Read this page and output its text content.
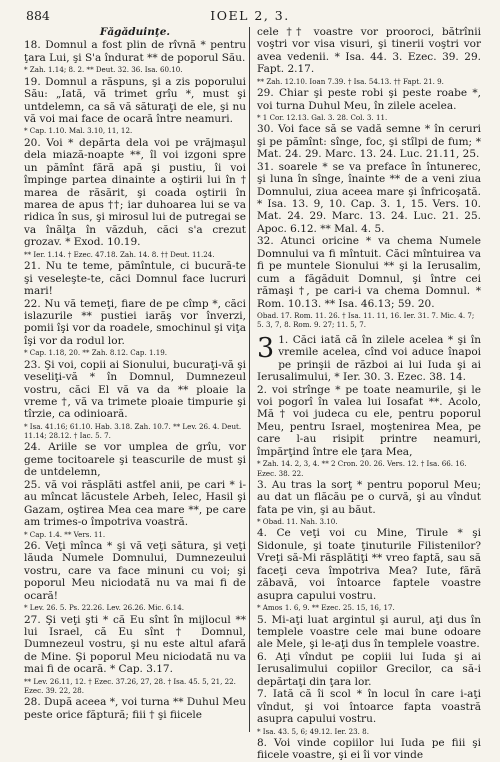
884	IOEL 2, 3.

Făgăduinţe.

18. Domnul a fost plin de rîvnă * pentru ţara Lui, şi S'a îndurat ** de poporul Său.

* Zah. 1.14; 8. 2. ** Deut. 32. 36. Isa. 60.10.

19. Domnul a răspuns, şi a zis poporului Său: „Iată, vă trimet grîu *, must şi untdelemn, ca să vă săturaţi de ele, şi nu vă voi mai face de ocară între neamuri.

* Cap. 1.10. Mal. 3.10, 11, 12.

20. Voi * depărta dela voi pe vrăjmaşul dela miază-noapte **, îl voi izgoni spre un pămînt fără apă şi pustiu, îi voi împinge partea dinainte a oştirii lui în † marea de răsărit, şi coada oştirii în marea de apus ††; iar duhoarea lui se va ridica în sus, şi mirosul lui de putregai se va înălţa în văzduh, căci s'a crezut grozav. * Exod. 10.19.

** Ier. 1.14. † Ezec. 47.18. Zah. 14. 8. †† Deut. 11.24.

21. Nu te teme, pămîntule, ci bucură-te şi veseleşte-te, căci Domnul face lucruri mari!

22. Nu vă temeţi, fiare de pe cîmp *, căci islazurile ** pustiei iarăş vor înverzi, pomii îşi vor da roadele, smochinul şi viţa îşi vor da rodul lor.

* Cap. 1.18, 20. ** Zah. 8.12. Cap. 1.19.

23. Şi voi, copii ai Sionului, bucuraţi-vă şi veseliţi-vă * în Domnul, Dumnezeul vostru, căci El vă va da ** ploaie la vreme †, vă va trimete ploaie timpurie şi tîrzie, ca odinioară.

* Isa. 41.16; 61.10. Hab. 3.18. Zah. 10.7. ** Lev. 26. 4. Deut. 11.14; 28.12. † Iac. 5. 7.

24. Ariile se vor umplea de grîu, vor geme tocitoarele şi teascurile de must şi de untdelemn,

25. vă voi răsplăti astfel anii, pe cari * i-au mîncat lăcustele Arbeh, Ielec, Hasil şi Gazam, oştirea Mea cea mare **, pe care am trimes-o împotriva voastră.

* Cap. 1.4. ** Vers. 11.

26. Veţi mînca * şi vă veţi sătura, şi veţi lăuda Numele Domnului, Dumnezeului vostru, care va face minuni cu voi; şi poporul Meu niciodată nu va mai fi de ocară!

* Lev. 26. 5. Ps. 22.26. Lev. 26.26. Mic. 6.14.

27. Şi veţi şti * că Eu sînt în mijlocul ** lui Israel, că Eu sînt † Domnul, Dumnezeul vostru, şi nu este altul afară de Mine. Şi poporul Meu niciodată nu va mai fi de ocară. * Cap. 3.17.

** Lev. 26.11, 12. † Ezec. 37.26, 27, 28. † Isa. 45. 5, 21, 22. Ezec. 39. 22, 28.

28. După aceea *, voi turna ** Duhul Meu peste orice făptură; fiii † şi fiicele

cele †† voastre vor prooroci, bătrînii voştri vor visa visuri, şi tinerii voştri vor avea vedenii. * Isa. 44. 3. Ezec. 39. 29. Fapt. 2.17.

** Zah. 12.10. Ioan 7.39. † Isa. 54.13. †† Fapt. 21. 9.

29. Chiar şi peste robi şi peste roabe *, voi turna Duhul Meu, în zilele acelea.

* 1 Cor. 12.13. Gal. 3. 28. Col. 3. 11.

30. Voi face să se vadă semne * în ceruri şi pe pămînt: sînge, foc, şi stîlpi de fum; * Mat. 24. 29. Marc. 13. 24. Luc. 21.11, 25.

31. soarele * se va preface în întunerec, şi luna în sînge, înainte ** de a veni ziua Domnului, ziua aceea mare şi înfricoşată. * Isa. 13. 9, 10. Cap. 3. 1, 15. Vers. 10. Mat. 24. 29. Marc. 13. 24. Luc. 21. 25. Apoc. 6.12. ** Mal. 4. 5.

32. Atunci oricine * va chema Numele Domnului va fi mîntuit. Căci mîntuirea va fi pe muntele Sionului ** şi la Ierusalim, cum a făgăduit Domnul, şi între cei rămaşi †, pe cari-i va chema Domnul. * Rom. 10.13. ** Isa. 46.13; 59. 20.

Obad. 17. Rom. 11. 26. † Isa. 11. 11, 16. Ier. 31. 7. Mic. 4. 7; 5. 3, 7, 8. Rom. 9. 27; 11. 5, 7.

3 1. Căci iată că în zilele acelea * şi în vremile acelea, cînd voi aduce înapoi pe prinşii de război ai lui Iuda şi ai Ierusalimului, * Ier. 30. 3. Ezec. 38. 14.

2. voi strînge * pe toate neamurile, şi le voi pogorî în valea lui Iosafat **. Acolo, Mă † voi judeca cu ele, pentru poporul Meu, pentru Israel, moştenirea Mea, pe care l-au risipit printre neamuri, împărţind între ele ţara Mea,

* Zah. 14. 2, 3, 4. ** 2 Cron. 20. 26. Vers. 12. † Isa. 66. 16. Ezec. 38. 22.

3. Au tras la sorţ * pentru poporul Meu; au dat un flăcău pe o curvă, şi au vîndut fata pe vin, şi au băut.

* Obad. 11. Nah. 3.10.

4. Ce veţi voi cu Mine, Tirule * şi Sidonule, şi toate ţinuturile Filistenilor? Vreţi să-Mi răsplătiţi ** vreo faptă, sau să faceţi ceva împotriva Mea? Iute, fără zăbavă, voi întoarce faptele voastre asupra capului vostru.

* Amos 1. 6, 9. ** Ezec. 25. 15, 16, 17.

5. Mi-aţi luat argintul şi aurul, aţi dus în templele voastre cele mai bune odoare ale Mele, şi le-aţi dus în templele voastre.

6. Aţi vîndut pe copiii lui Iuda şi ai Ierusalimului copiilor Grecilor, ca să-i depărtaţi din ţara lor.

7. Iată că îi scol * în locul în care i-aţi vîndut, şi voi întoarce fapta voastră asupra capului vostru.

* Isa. 43. 5, 6; 49.12. Ier. 23. 8.

8. Voi vinde copiilor lui Iuda pe fiii şi fiicele voastre, şi ei îi vor vinde
